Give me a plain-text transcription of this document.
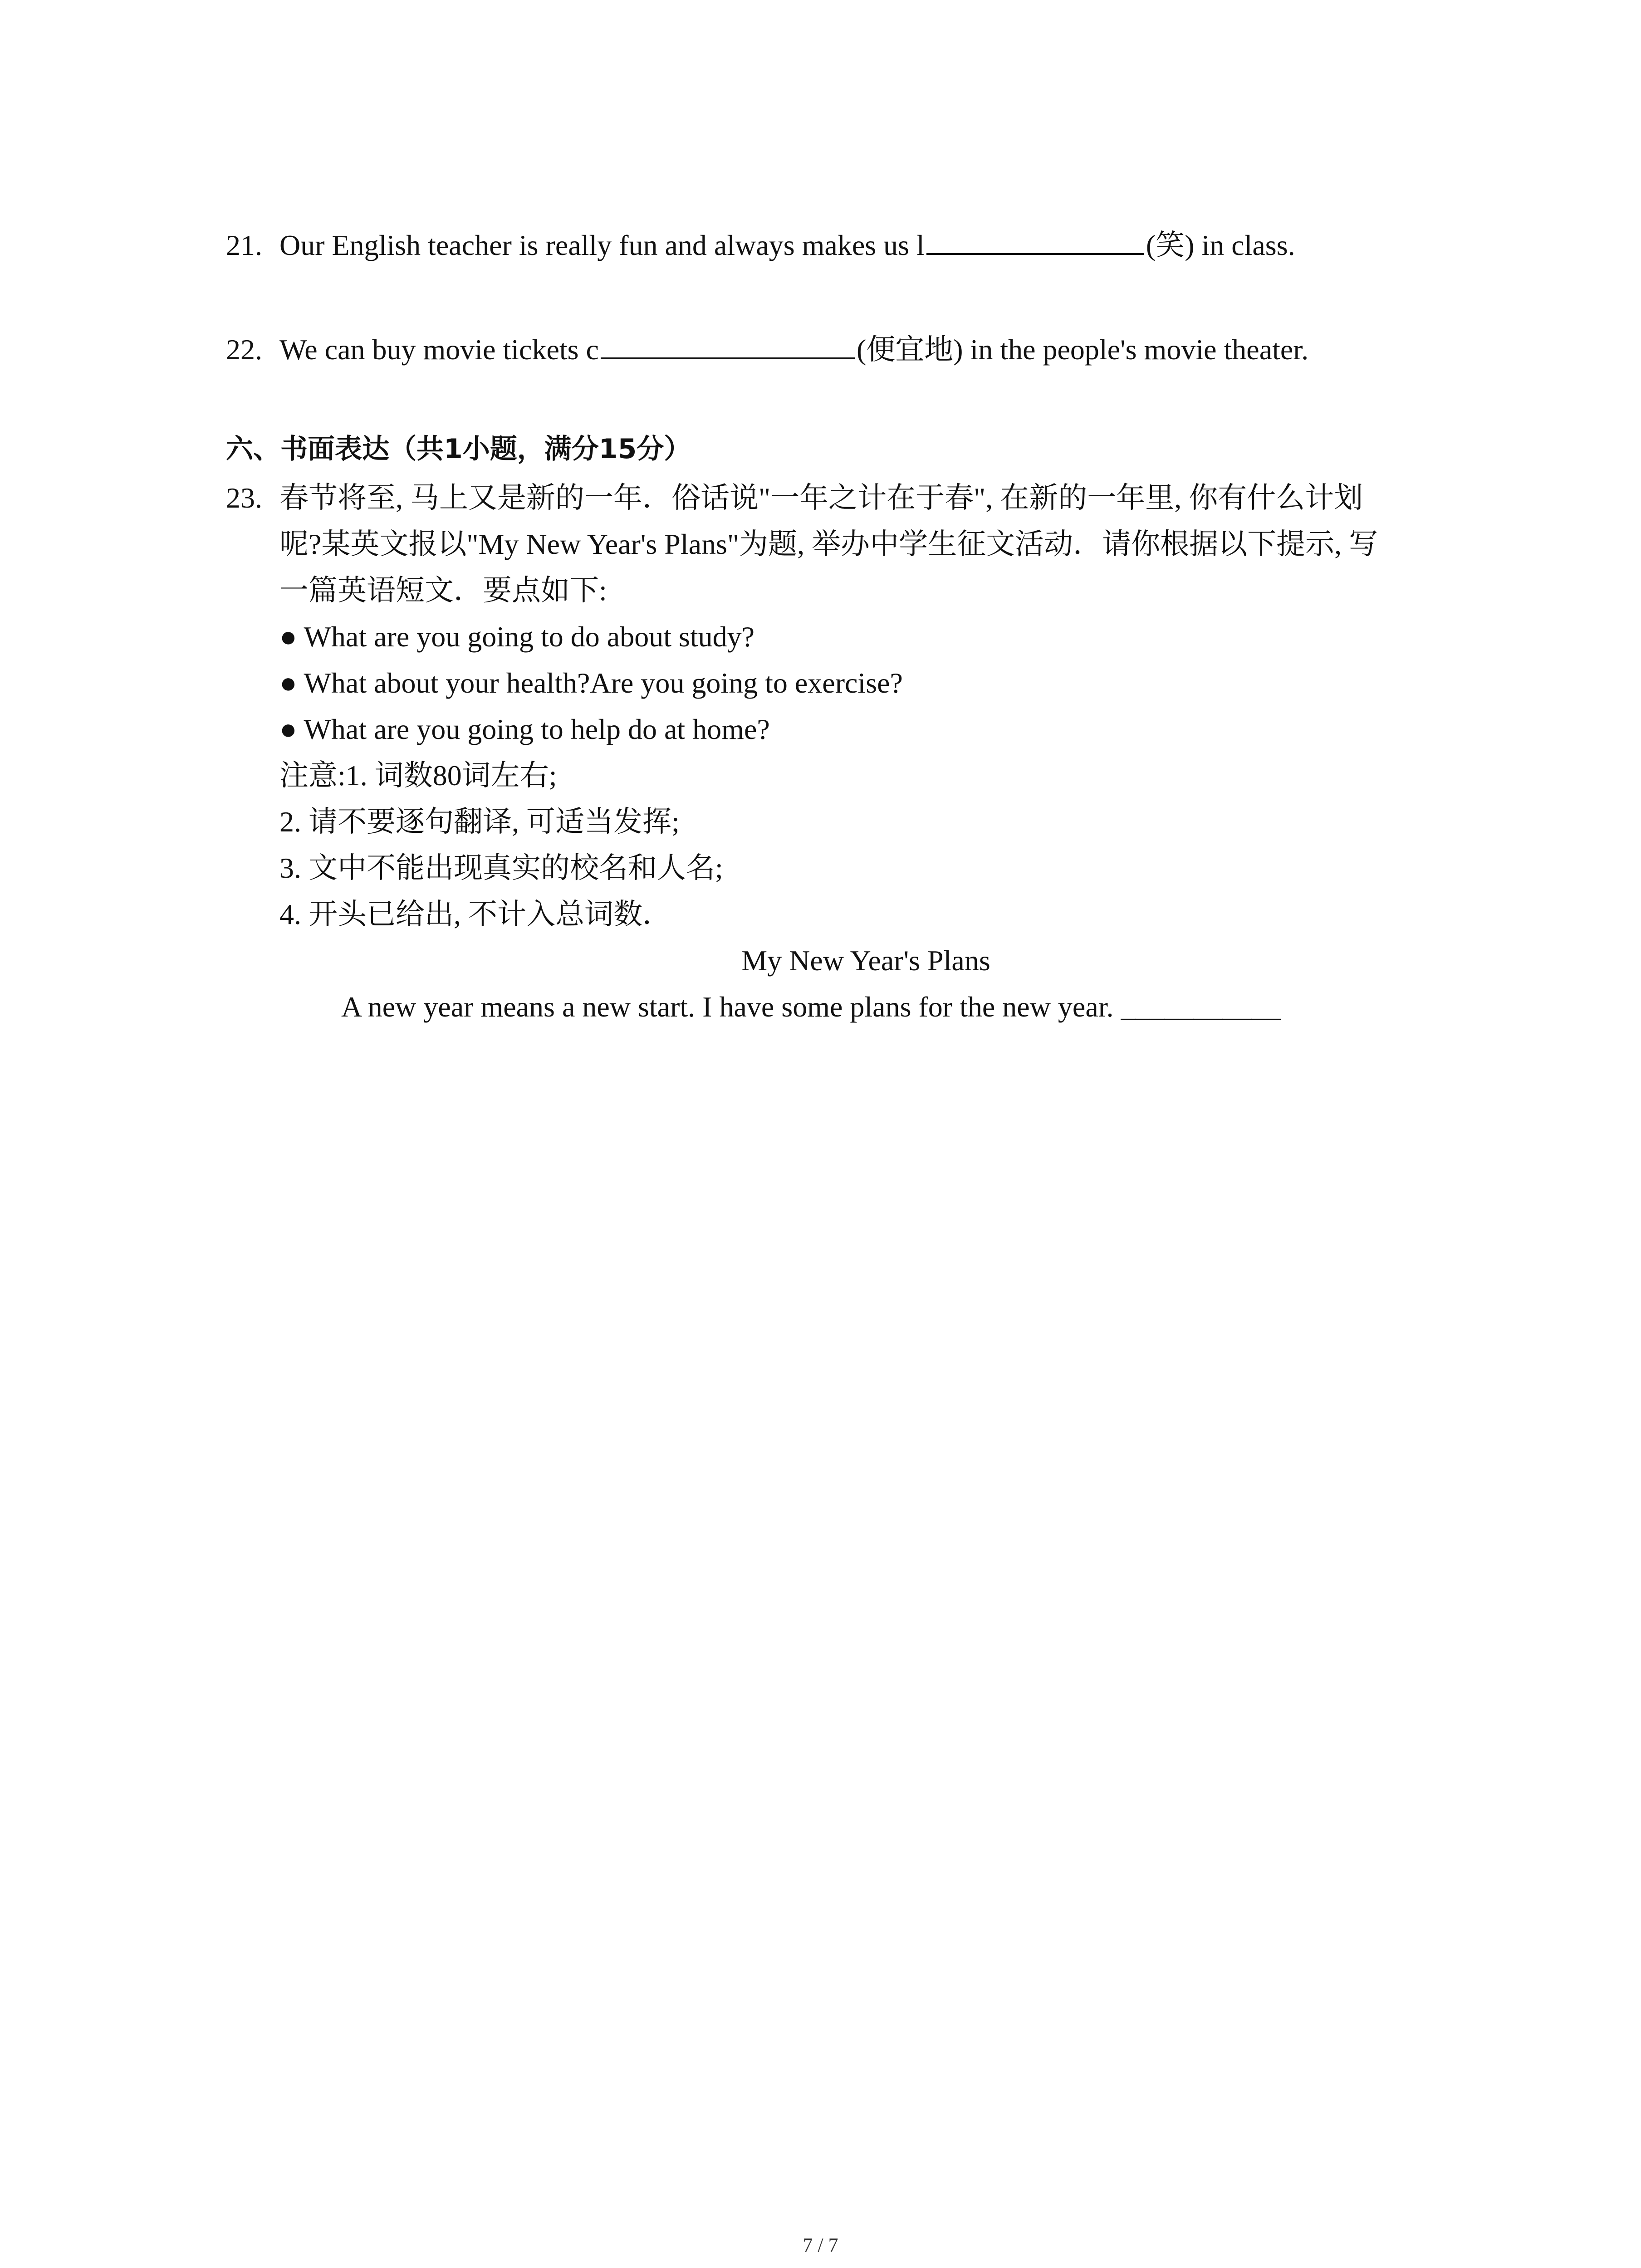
21. Our English teacher is really fun and always makes us l	(笑) in class.
22. We can buy movie tickets c	(便宜地) in the people's movie theater.
六、书面表达（共1小题，满分15分）
23. 春节将至, 马上又是新的一年．俗话说"一年之计在于春", 在新的一年里, 你有什么计划
呢?某英文报以"My New Year's Plans"为题, 举办中学生征文活动．请你根据以下提示, 写
一篇英语短文．要点如下:
● What are you going to do about study?
● What about your health?Are you going to exercise?
● What are you going to help do at home?
注意:1. 词数80词左右;
2. 请不要逐句翻译, 可适当发挥;
3. 文中不能出现真实的校名和人名;
4. 开头已给出, 不计入总词数．
My New Year's Plans
A new year means a new start. I have some plans for the new year. ___________
7 / 7
